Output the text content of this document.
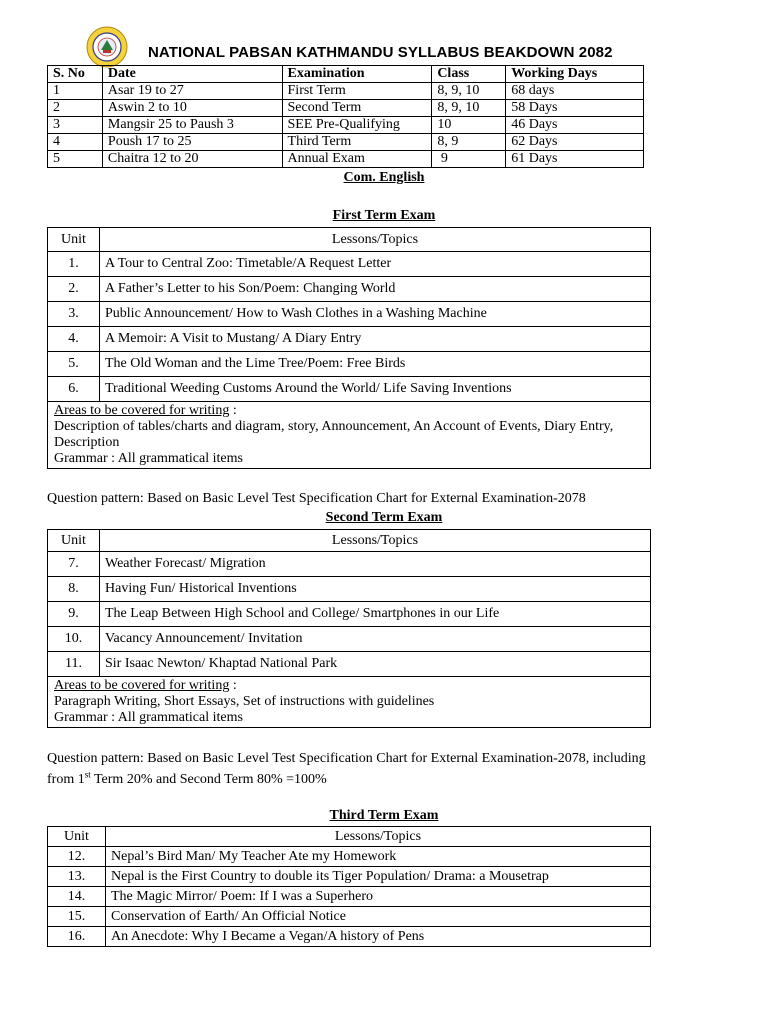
NATIONAL PABSAN KATHMANDU SYLLABUS BEAKDOWN 2082
S. No	Date	Examination	Class	Working Days
1	Asar 19 to 27	First Term	8, 9, 10	68 days
2	Aswin 2 to 10	Second Term	8, 9, 10	58 Days
3	Mangsir 25 to Paush 3	SEE Pre-Qualifying	10	46 Days
4	Poush 17 to 25	Third Term	8, 9	62 Days
5	Chaitra 12 to 20	Annual Exam	9	61 Days
Com. English
First Term Exam
Unit	Lessons/Topics
1.	A Tour to Central Zoo: Timetable/A Request Letter
2.	A Father’s Letter to his Son/Poem: Changing World
3.	Public Announcement/ How to Wash Clothes in a Washing Machine
4.	A Memoir: A Visit to Mustang/ A Diary Entry
5.	The Old Woman and the Lime Tree/Poem: Free Birds
6.	Traditional Weeding Customs Around the World/ Life Saving Inventions
Areas to be covered for writing :
Description of tables/charts and diagram, story, Announcement, An Account of Events, Diary Entry, Description
Grammar : All grammatical items	
Question pattern: Based on Basic Level Test Specification Chart for External Examination-2078
Second Term Exam
Unit	Lessons/Topics
7.	Weather Forecast/ Migration
8.	Having Fun/ Historical Inventions
9.	The Leap Between High School and College/ Smartphones in our Life
10.	Vacancy Announcement/ Invitation
11.	Sir Isaac Newton/ Khaptad National Park
Areas to be covered for writing :
Paragraph Writing, Short Essays, Set of instructions with guidelines
Grammar : All grammatical items	
Question pattern: Based on Basic Level Test Specification Chart for External Examination-2078, including
from 1st Term 20% and Second Term 80% =100%
Third Term Exam
Unit	Lessons/Topics
12.	Nepal’s Bird Man/ My Teacher Ate my Homework
13.	Nepal is the First Country to double its Tiger Population/ Drama: a Mousetrap
14.	The Magic Mirror/ Poem: If I was a Superhero
15.	Conservation of Earth/ An Official Notice
16.	An Anecdote: Why I Became a Vegan/A history of Pens
